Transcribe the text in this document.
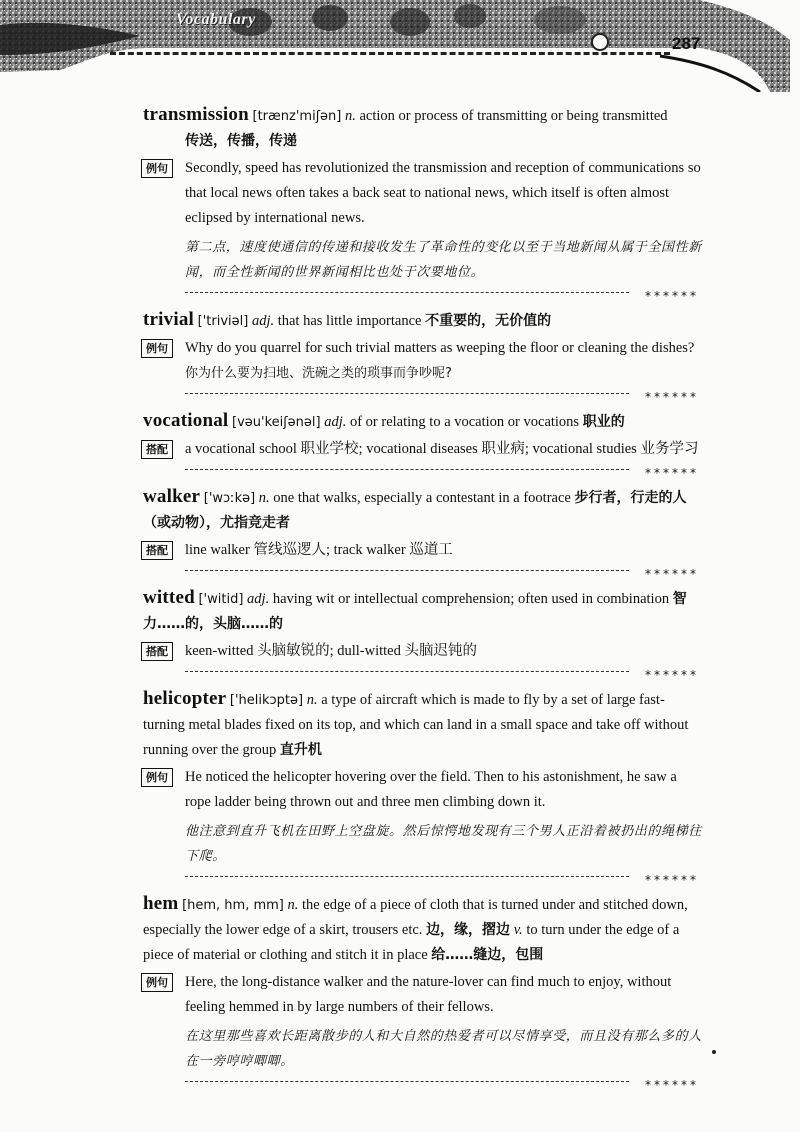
Vocabulary
287
transmission [trænz'miʃən] n. action or process of transmitting or being transmitted
传送，传播，传递
例句	Secondly, speed has revolutionized the transmission and reception of communications so that local news often takes a back seat to national news, which itself is often almost eclipsed by international news.
第二点，速度使通信的传递和接收发生了革命性的变化以至于当地新闻从属于全国性新闻，而全性新闻的世界新闻相比也处于次要地位。
******
trivial ['triviəl] adj. that has little importance 不重要的，无价值的
例句	Why do you quarrel for such trivial matters as weeping the floor or cleaning the dishes? 你为什么要为扫地、洗碗之类的琐事而争吵呢?
******
vocational [vəu'keiʃənəl] adj. of or relating to a vocation or vocations 职业的
搭配	a vocational school 职业学校; vocational diseases 职业病; vocational studies 业务学习
******
walker ['wɔːkə] n. one that walks, especially a contestant in a footrace 步行者，行走的人（或动物），尤指竞走者
搭配	line walker 管线巡逻人; track walker 巡道工
******
witted ['witid] adj. having wit or intellectual comprehension; often used in combination 智力……的，头脑……的
搭配	keen-witted 头脑敏锐的; dull-witted 头脑迟钝的
******
helicopter ['helikɔptə] n. a type of aircraft which is made to fly by a set of large fast-turning metal blades fixed on its top, and which can land in a small space and take off without running over the group 直升机
例句	He noticed the helicopter hovering over the field. Then to his astonishment, he saw a rope ladder being thrown out and three men climbing down it.
他注意到直升飞机在田野上空盘旋。然后惊愕地发现有三个男人正沿着被扔出的绳梯往下爬。
******
hem [hem, hm, mm] n. the edge of a piece of cloth that is turned under and stitched down, especially the lower edge of a skirt, trousers etc. 边，缘，摺边 v. to turn under the edge of a piece of material or clothing and stitch it in place 给……缝边，包围
例句	Here, the long-distance walker and the nature-lover can find much to enjoy, without feeling hemmed in by large numbers of their fellows.
在这里那些喜欢长距离散步的人和大自然的热爱者可以尽情享受，而且没有那么多的人在一旁哼哼唧唧。
******
